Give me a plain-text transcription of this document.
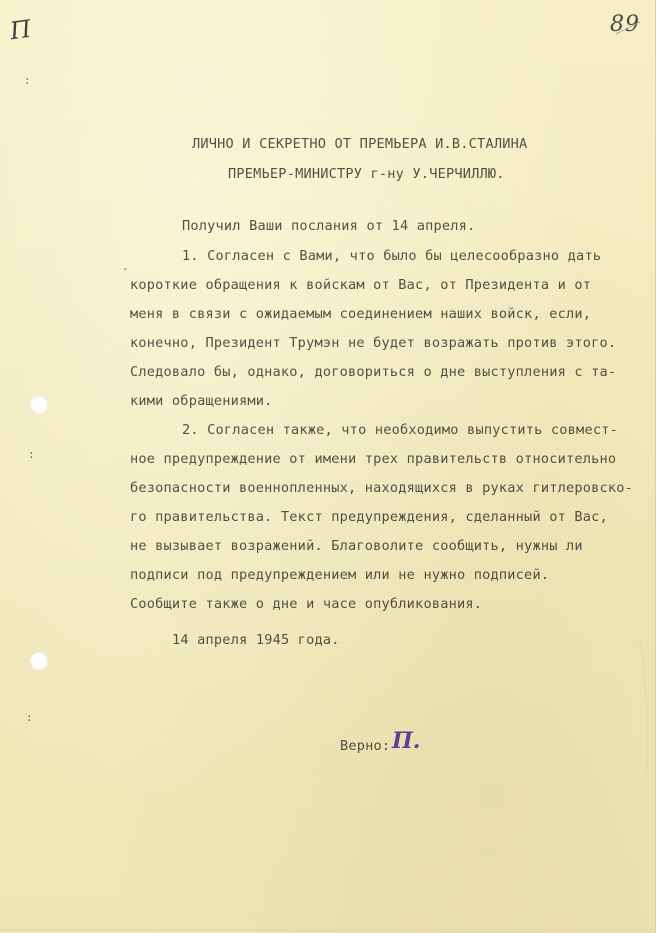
П
:
-
:
:
89
ЛИЧНО И СЕКРЕТНО ОТ ПРЕМЬЕРА И.В.СТАЛИНА
ПРЕМЬЕР-МИНИСТРУ г-ну У.ЧЕРЧИЛЛЮ.
Получил Ваши послания от 14 апреля.
1. Согласен с Вами, что было бы целесообразно дать
короткие обращения к войскам от Вас, от Президента и от
меня в связи с ожидаемым соединением наших войск, если,
конечно, Президент Трумэн не будет возражать против этого.
Следовало бы, однако, договориться о дне выступления с та-
кими обращениями.
2. Согласен также, что необходимо выпустить совмест-
ное предупреждение от имени трех правительств относительно
безопасности военнопленных, находящихся в руках гитлеровско-
го правительства. Текст предупреждения, сделанный от Вас,
не вызывает возражений. Благоволите сообщить, нужны ли
подписи под предупреждением или не нужно подписей.
Сообщите также о дне и часе опубликования.
14 апреля 1945 года.
Верно: П.
